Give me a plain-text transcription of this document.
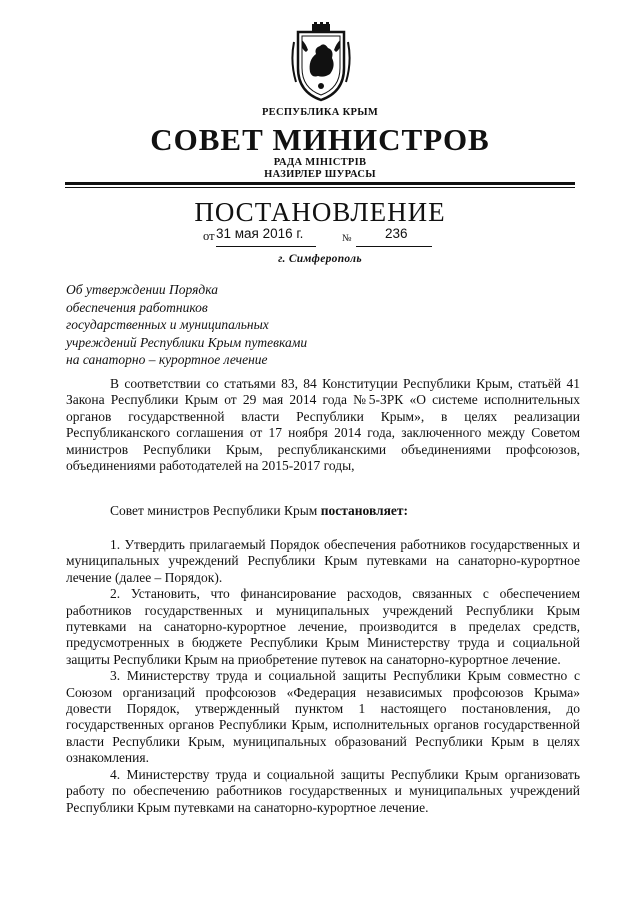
РЕСПУБЛИКА КРЫМ
СОВЕТ МИНИСТРОВ
РАДА МІНІСТРІВ
НАЗИРЛЕР ШУРАСЫ
ПОСТАНОВЛЕНИЕ
от 31 мая 2016 г.	№ 236
г. Симферополь
Об утверждении Порядка
обеспечения работников
государственных и муниципальных
учреждений Республики Крым путевками
на санаторно – курортное лечение
В соответствии со статьями 83, 84 Конституции Республики Крым, статьёй 41 Закона Республики Крым от 29 мая 2014 года №5-ЗРК «О системе исполнительных органов государственной власти Республики Крым», в целях реализации Республиканского соглашения от 17 ноября 2014 года, заключенного между Советом министров Республики Крым, республиканскими объединениями профсоюзов, объединениями работодателей на 2015-2017 годы,
Совет министров Республики Крым постановляет:
1. Утвердить прилагаемый Порядок обеспечения работников государственных и муниципальных учреждений Республики Крым путевками на санаторно-курортное лечение (далее – Порядок).
2. Установить, что финансирование расходов, связанных с обеспечением работников государственных и муниципальных учреждений Республики Крым путевками на санаторно-курортное лечение, производится в пределах средств, предусмотренных в бюджете Республики Крым Министерству труда и социальной защиты Республики Крым на приобретение путевок на санаторно-курортное лечение.
3. Министерству труда и социальной защиты Республики Крым совместно с Союзом организаций профсоюзов «Федерация независимых профсоюзов Крыма» довести Порядок, утвержденный пунктом 1 настоящего постановления, до государственных органов Республики Крым, исполнительных органов государственной власти Республики Крым, муниципальных образований Республики Крым в целях ознакомления.
4. Министерству труда и социальной защиты Республики Крым организовать работу по обеспечению работников государственных и муниципальных учреждений Республики Крым путевками на санаторно-курортное лечение.
